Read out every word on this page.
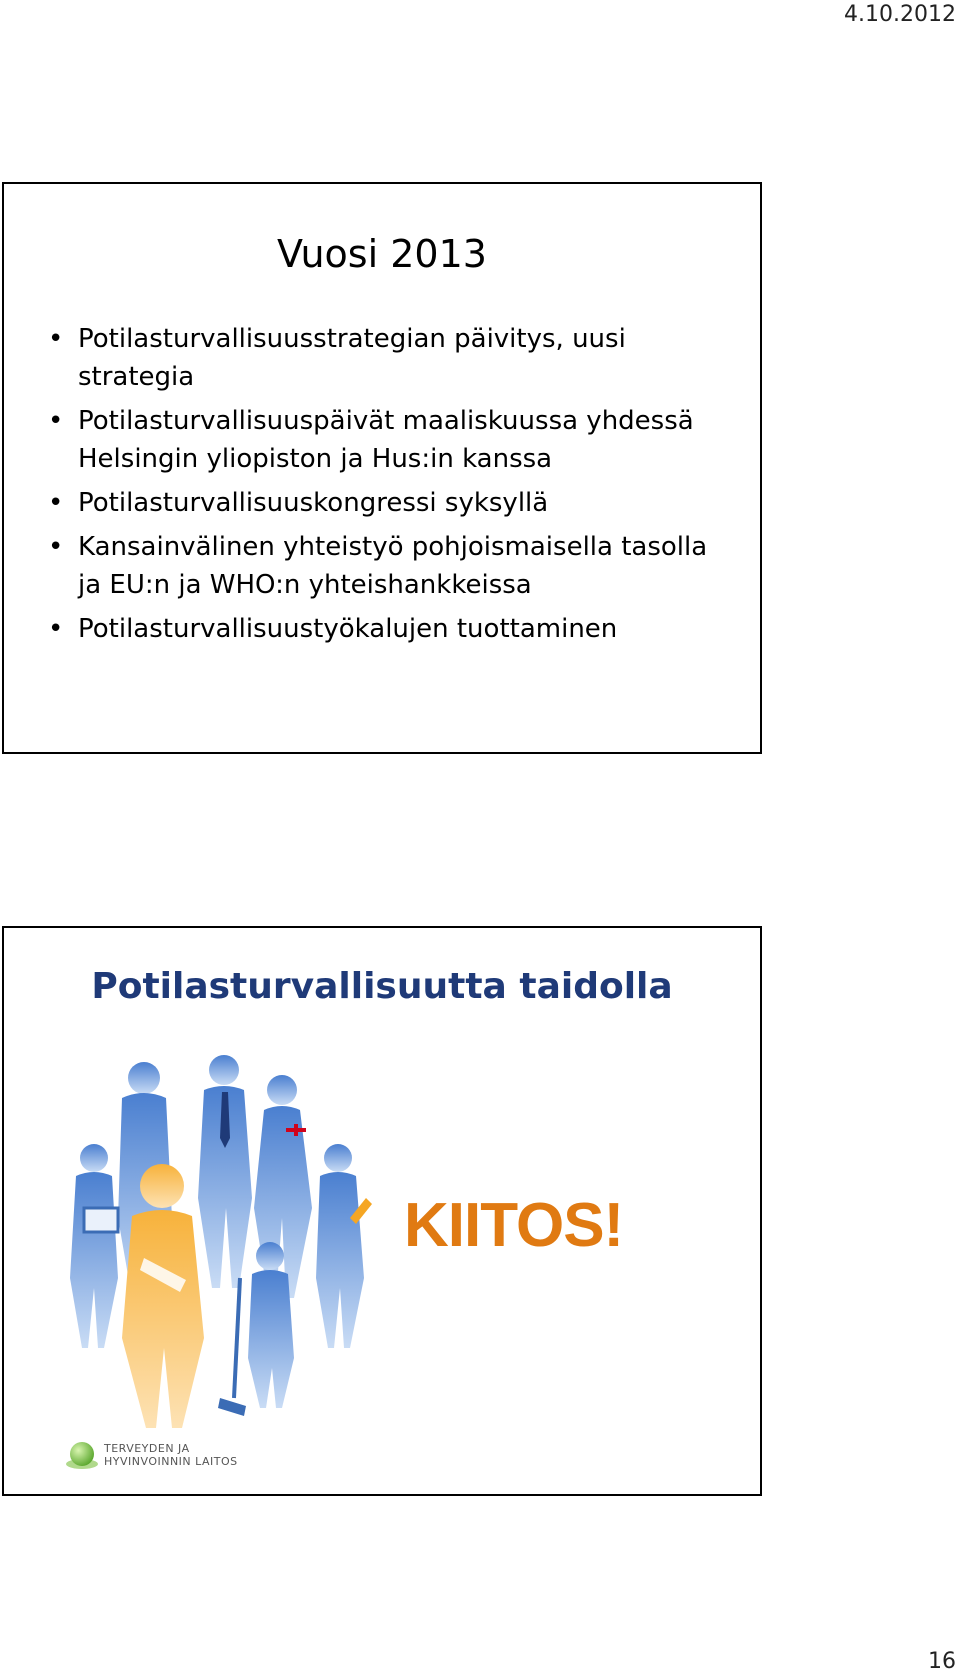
4.10.2012
Vuosi 2013
• Potilasturvallisuusstrategian päivitys, uusi strategia
• Potilasturvallisuuspäivät maaliskuussa yhdessä Helsingin yliopiston ja Hus:in kanssa
• Potilasturvallisuuskongressi syksyllä
• Kansainvälinen yhteistyö pohjoismaisella tasolla ja EU:n ja WHO:n yhteishankkeissa
• Potilasturvallisuustyökalujen tuottaminen
Potilasturvallisuutta taidolla
KIITOS!
TERVEYDEN JA
HYVINVOINNIN LAITOS
16
